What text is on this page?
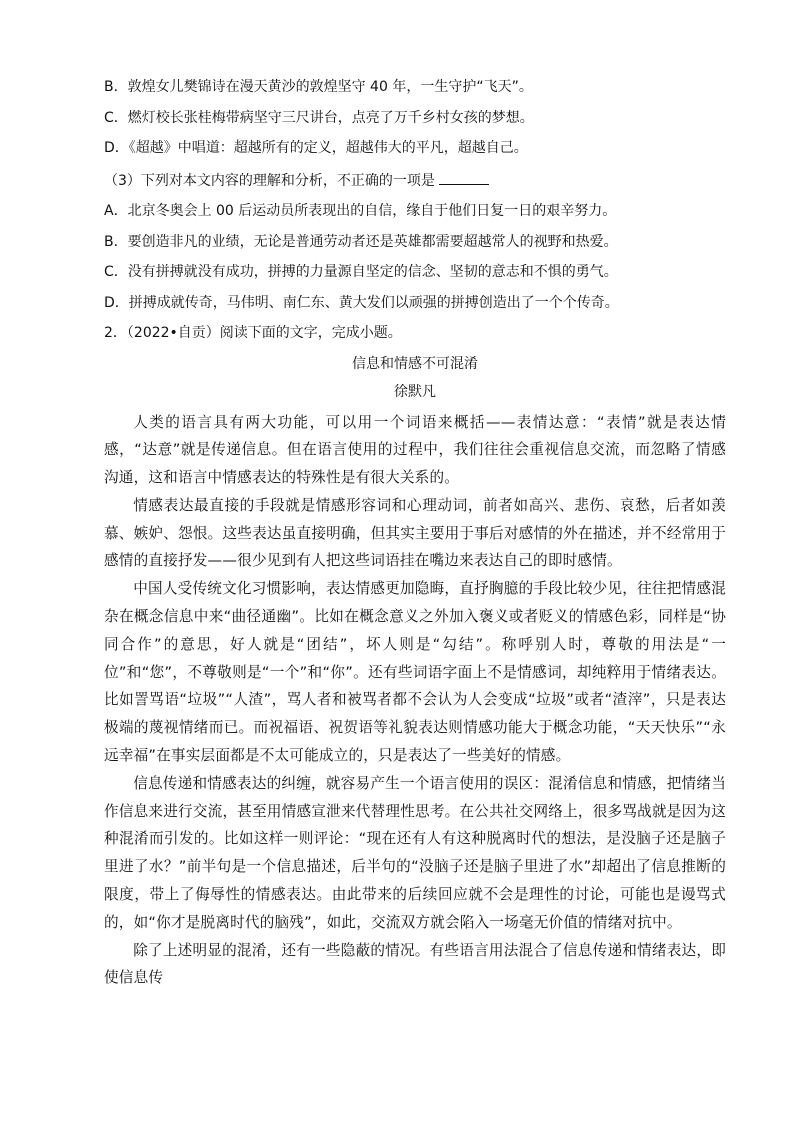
B．敦煌女儿樊锦诗在漫天黄沙的敦煌坚守 40 年，一生守护“飞天”。
C．燃灯校长张桂梅带病坚守三尺讲台，点亮了万千乡村女孩的梦想。
D．《超越》中唱道：超越所有的定义，超越伟大的平凡，超越自己。
（3）下列对本文内容的理解和分析，不正确的一项是
A．北京冬奥会上 00 后运动员所表现出的自信，缘自于他们日复一日的艰辛努力。
B．要创造非凡的业绩，无论是普通劳动者还是英雄都需要超越常人的视野和热爱。
C．没有拼搏就没有成功，拼搏的力量源自坚定的信念、坚韧的意志和不惧的勇气。
D．拼搏成就传奇，马伟明、南仁东、黄大发们以顽强的拼搏创造出了一个个传奇。
2．（2022•自贡）阅读下面的文字，完成小题。
信息和情感不可混淆
徐默凡

人类的语言具有两大功能，可以用一个词语来概括——表情达意：“表情”就是表达情感，“达意”就是传递信息。但在语言使用的过程中，我们往往会重视信息交流，而忽略了情感沟通，这和语言中情感表达的特殊性是有很大关系的。

情感表达最直接的手段就是情感形容词和心理动词，前者如高兴、悲伤、哀愁，后者如羡慕、嫉妒、怨恨。这些表达虽直接明确，但其实主要用于事后对感情的外在描述，并不经常用于感情的直接抒发——很少见到有人把这些词语挂在嘴边来表达自己的即时感情。

中国人受传统文化习惯影响，表达情感更加隐晦，直抒胸臆的手段比较少见，往往把情感混杂在概念信息中来“曲径通幽”。比如在概念意义之外加入褒义或者贬义的情感色彩，同样是“协同合作”的意思，好人就是“团结”，坏人则是“勾结”。称呼别人时，尊敬的用法是“一位”和“您”，不尊敬则是“一个”和“你”。还有些词语字面上不是情感词，却纯粹用于情绪表达。比如詈骂语“垃圾”“人渣”，骂人者和被骂者都不会认为人会变成“垃圾”或者“渣滓”，只是表达极端的蔑视情绪而已。而祝福语、祝贺语等礼貌表达则情感功能大于概念功能，“天天快乐”“永远幸福”在事实层面都是不太可能成立的，只是表达了一些美好的情感。

信息传递和情感表达的纠缠，就容易产生一个语言使用的误区：混淆信息和情感，把情绪当作信息来进行交流，甚至用情感宣泄来代替理性思考。在公共社交网络上，很多骂战就是因为这种混淆而引发的。比如这样一则评论：“现在还有人有这种脱离时代的想法，是没脑子还是脑子里进了水？”前半句是一个信息描述，后半句的“没脑子还是脑子里进了水”却超出了信息推断的限度，带上了侮辱性的情感表达。由此带来的后续回应就不会是理性的讨论，可能也是谩骂式的，如“你才是脱离时代的脑残”，如此，交流双方就会陷入一场毫无价值的情绪对抗中。

除了上述明显的混淆，还有一些隐蔽的情况。有些语言用法混合了信息传递和情绪表达，即使信息传
